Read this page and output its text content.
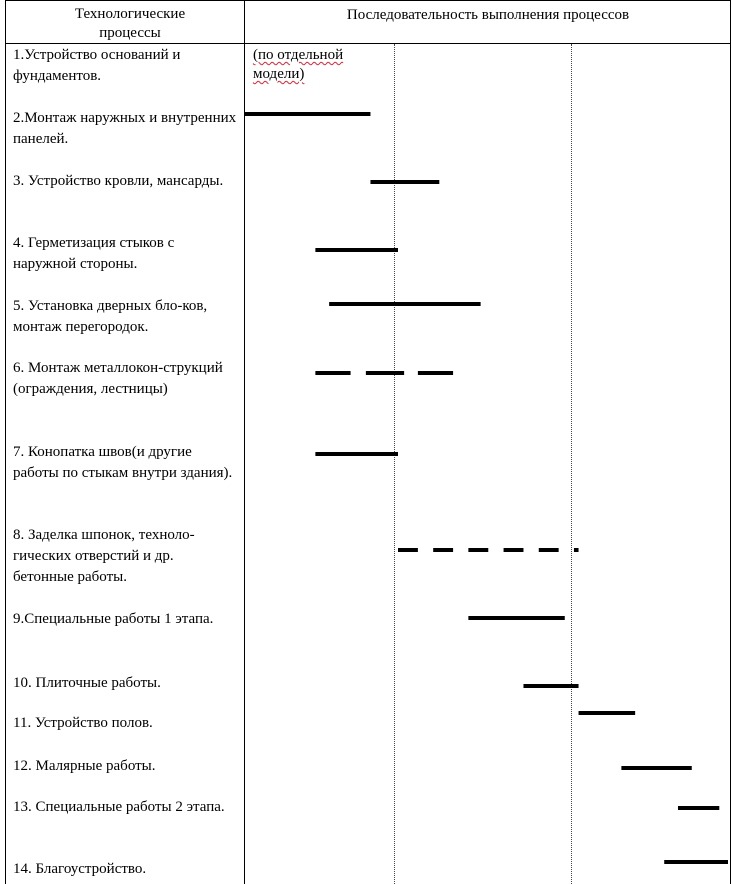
Технологические процессы
Последовательность выполнения процессов
(по отдельной модели)
1.Устройство оснований и фундаментов.
2.Монтаж наружных и внутренних панелей.
3. Устройство кровли, мансарды.
4. Герметизация стыков с наружной стороны.
5. Установка дверных бло-ков, монтаж перегородок.
6. Монтаж металлокон-струкций (ограждения, лестницы)
7. Конопатка швов(и другие работы по стыкам внутри здания).
8. Заделка шпонок, техноло-гических отверстий и др. бетонные работы.
9.Специальные работы 1 этапа.
10. Плиточные работы.
11. Устройство полов.
12. Малярные работы.
13. Специальные работы 2 этапа.
14. Благоустройство.
